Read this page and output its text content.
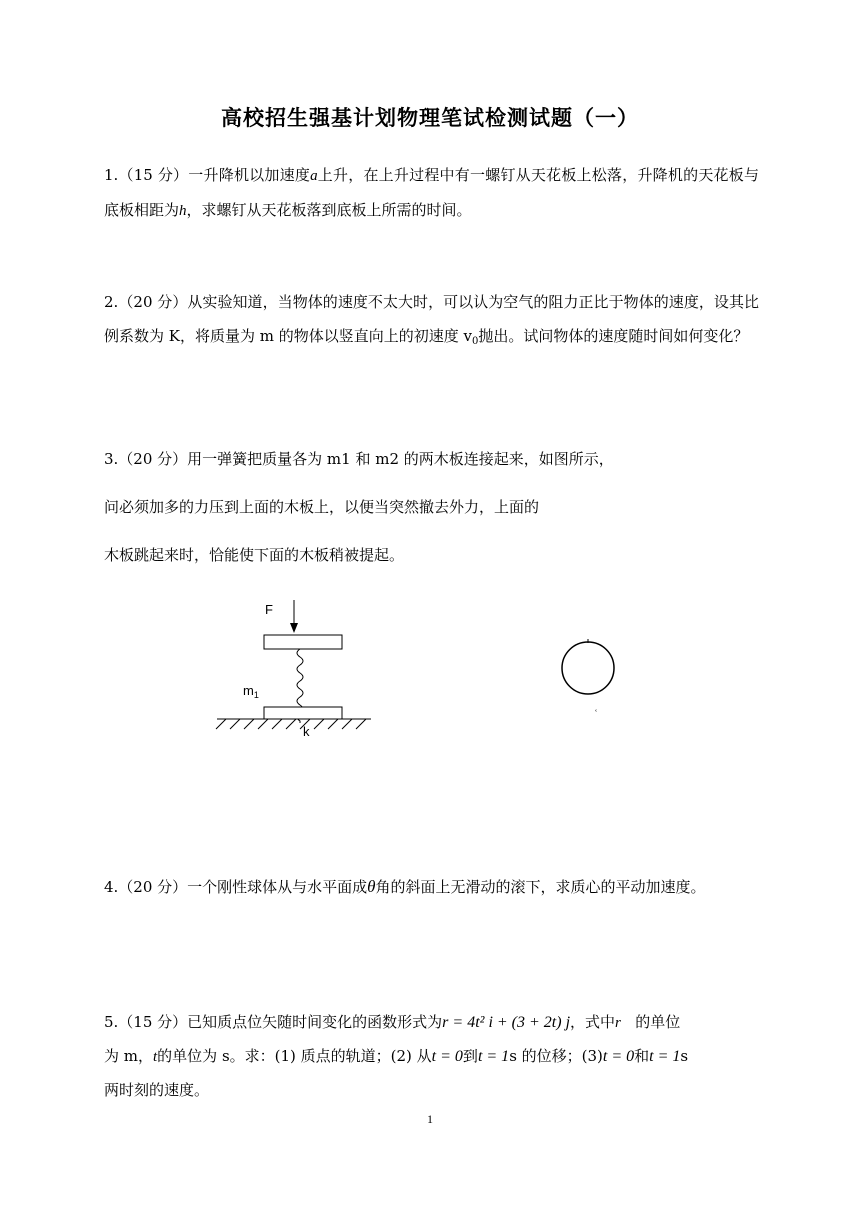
高校招生强基计划物理笔试检测试题（一）
1.（15 分）一升降机以加速度a上升，在上升过程中有一螺钉从天花板上松落，升降机的天花板与底板相距为h，求螺钉从天花板落到底板上所需的时间。
2.（20 分）从实验知道，当物体的速度不太大时，可以认为空气的阻力正比于物体的速度，设其比例系数为 K，将质量为 m 的物体以竖直向上的初速度 $v_0$抛出。试问物体的速度随时间如何变化？
3.（20 分）用一弹簧把质量各为 m1 和 m2 的两木板连接起来，如图所示，
问必须加多的力压到上面的木板上，以便当突然撤去外力，上面的
木板跳起来时，恰能使下面的木板稍被提起。
F
$m_1$
k
ʿ
4.（20 分）一个刚性球体从与水平面成θ角的斜面上无滑动的滚下，求质心的平动加速度。
5.（15 分）已知质点位矢随时间变化的函数形式为r = 4t² i + (3 + 2t) j，式中r 的单位
为 m，t的单位为 s。求：(1) 质点的轨道；(2) 从t = 0到t = 1s 的位移；(3)t = 0和t = 1s
两时刻的速度。
1
